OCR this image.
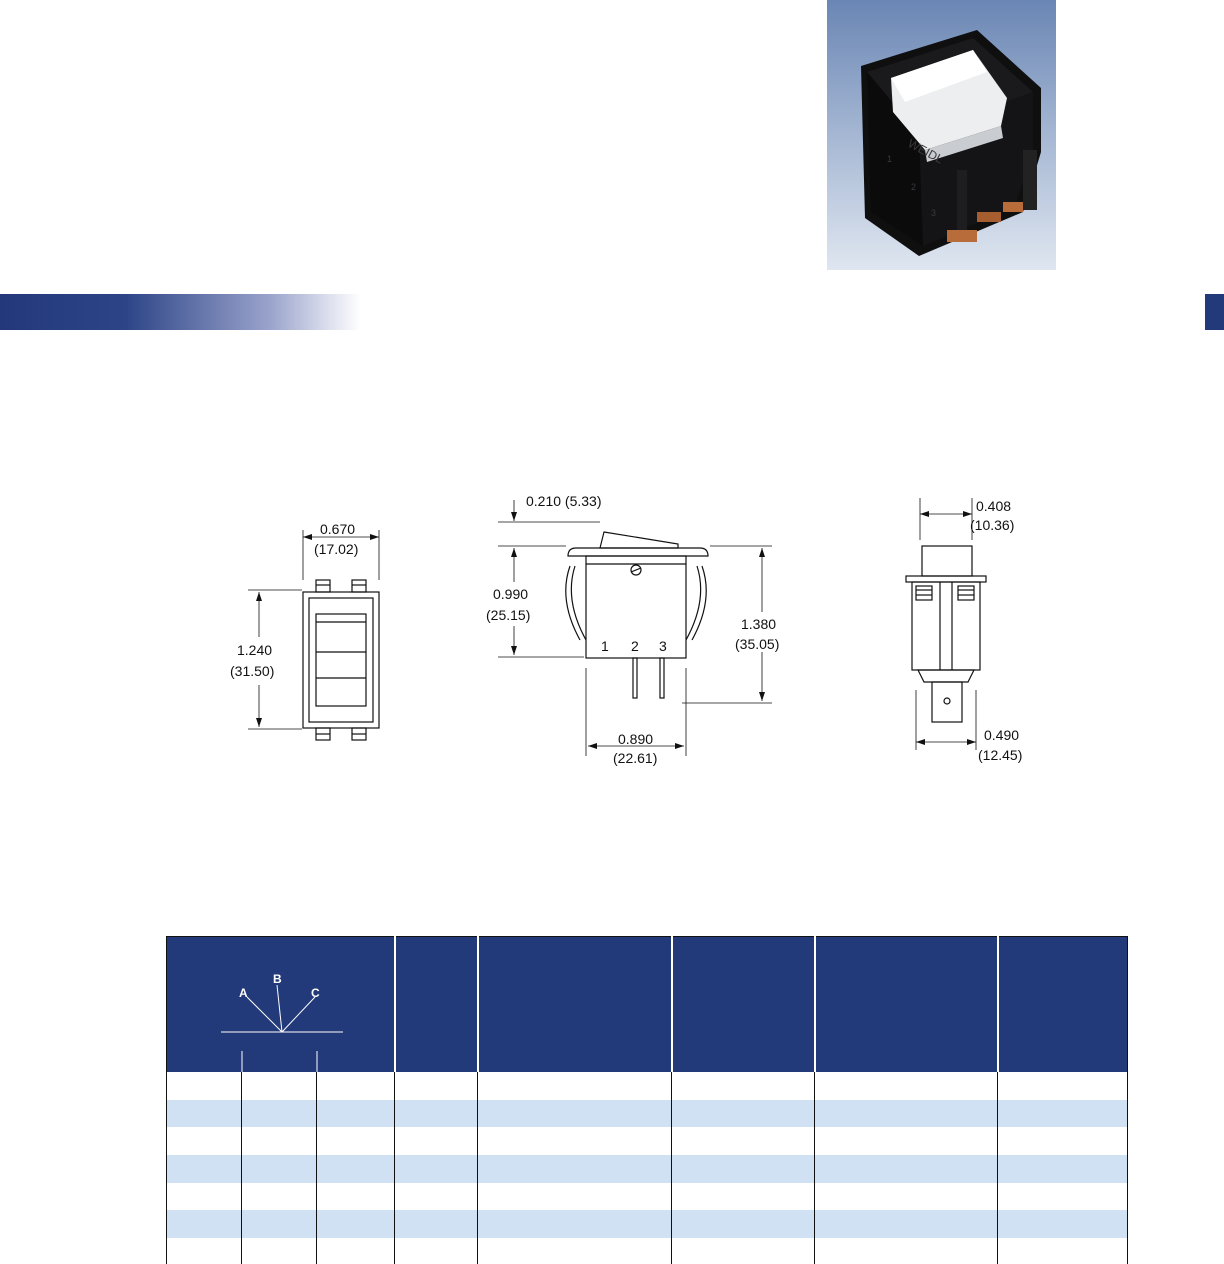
WEIDL
1
2
3
0.670
(17.02)
1.240
(31.50)
0.210 (5.33)
0.990
(25.15)
1.380
(35.05)
0.890
(22.61)
1 2 3
0.408
(10.36)
0.490
(12.45)
A
B
C							
